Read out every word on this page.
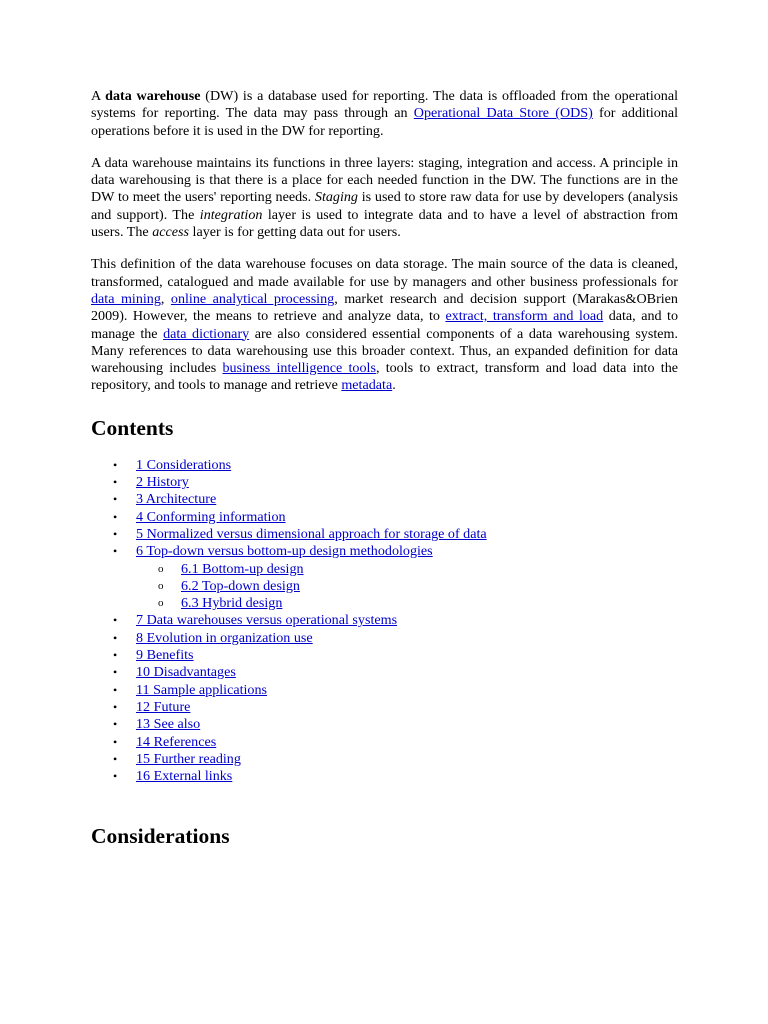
A data warehouse (DW) is a database used for reporting. The data is offloaded from the operational systems for reporting. The data may pass through an Operational Data Store (ODS) for additional operations before it is used in the DW for reporting.

A data warehouse maintains its functions in three layers: staging, integration and access. A principle in data warehousing is that there is a place for each needed function in the DW. The functions are in the DW to meet the users' reporting needs. Staging is used to store raw data for use by developers (analysis and support). The integration layer is used to integrate data and to have a level of abstraction from users. The access layer is for getting data out for users.

This definition of the data warehouse focuses on data storage. The main source of the data is cleaned, transformed, catalogued and made available for use by managers and other business professionals for data mining, online analytical processing, market research and decision support (Marakas&OBrien 2009). However, the means to retrieve and analyze data, to extract, transform and load data, and to manage the data dictionary are also considered essential components of a data warehousing system. Many references to data warehousing use this broader context. Thus, an expanded definition for data warehousing includes business intelligence tools, tools to extract, transform and load data into the repository, and tools to manage and retrieve metadata.

Contents
• 1 Considerations
• 2 History
• 3 Architecture
• 4 Conforming information
• 5 Normalized versus dimensional approach for storage of data
• 6 Top-down versus bottom-up design methodologies
o 6.1 Bottom-up design
o 6.2 Top-down design
o 6.3 Hybrid design
• 7 Data warehouses versus operational systems
• 8 Evolution in organization use
• 9 Benefits
• 10 Disadvantages
• 11 Sample applications
• 12 Future
• 13 See also
• 14 References
• 15 Further reading
• 16 External links
Considerations
